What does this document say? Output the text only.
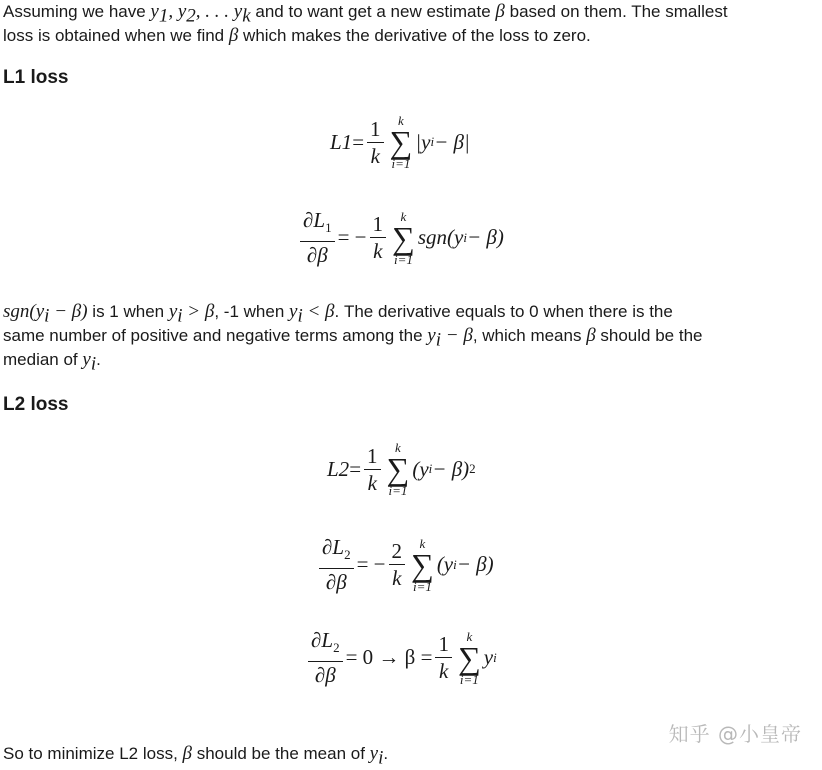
Assuming we have $y_1$, $y_2$, . . . $y_k$ and to want get a new estimate β based on them. The smallest
loss is obtained when we find β which makes the derivative of the loss to zero.
L1 loss
$L1 = \frac{1}{k}$ k
∑
i=1
|y i − β|
$\frac{\partial L_1}{\partial\beta}$ = − $\frac{1}{k}$ k
∑
i=1
sgn(y i − β)
$sgn(y_i - \beta)$ is 1 when $y_i > \beta$, -1 when $y_i < \beta$. The derivative equals to 0 when there is the
same number of positive and negative terms among the $y_i - \beta$, which means β should be the
median of $y_i$.
L2 loss
$L2 = \frac{1}{k}$ k
∑
i=1
(y i − β) 2
$\frac{\partial L_2}{\partial\beta}$ = − $\frac{2}{k}$ k
∑
i=1
(y i − β)
$\frac{\partial L_2}{\partial\beta} = 0 \to \beta = \frac{1}{k}$ k
∑
i=1
y i
So to minimize L2 loss, β should be the mean of $y_i$.
知乎 @小皇帝
